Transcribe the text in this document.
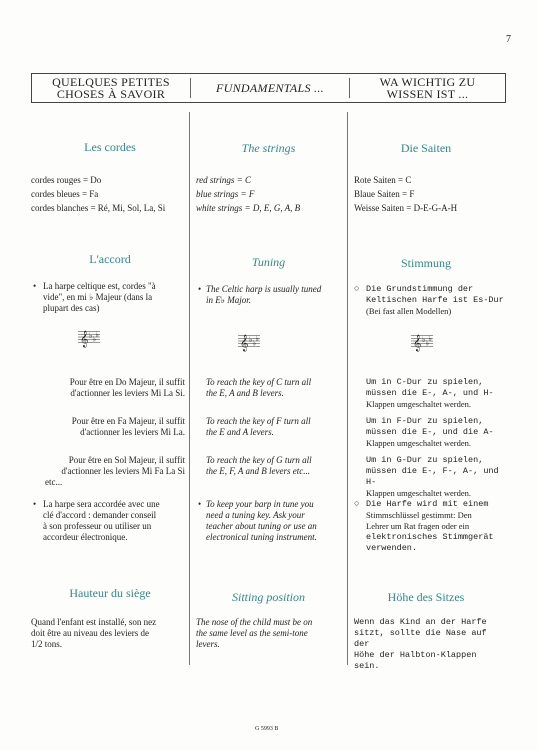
7
QUELQUES PETITES
CHOSES À SAVOIR	FUNDAMENTALS ...	WA WICHTIG ZU
WISSEN IST ...
Les cordes	The strings	Die Saiten
cordes rouges = Do
cordes bleues = Fa
cordes blanches = Ré, Mi, Sol, La, Si
red strings = C
blue strings = F
white strings = D, E, G, A, B
Rote Saiten = C
Blaue Saiten = F
Weisse Saiten = D-E-G-A-H
L'accord	Tuning	Stimmung
• La harpe celtique est, cordes "à
vide", en mi ♭ Majeur (dans la
plupart des cas)
• The Celtic harp is usually tuned
in E♭ Major.
○ Die Grundstimmung der
Keltischen Harfe ist Es-Dur
(Bei fast allen Modellen)
𝄞 ♭ ♭
♭	𝄞 ♭ ♭
♭	𝄞 ♭ ♭
♭
Pour être en Do Majeur, il suffit
d'actionner les leviers Mi La Si.
To reach the key of C turn all
the E, A and B levers.
Um in C-Dur zu spielen,
müssen die E-, A-, und H-
Klappen umgeschaltet werden.
Pour être en Fa Majeur, il suffit
d'actionner les leviers Mi La.
To reach the key of F turn all
the E and A levers.
Um in F-Dur zu spielen,
müssen die E-, und die A-
Klappen umgeschaltet werden.
Pour être en Sol Majeur, il suffit
d'actionner les leviers Mi Fa La Si
etc...
To reach the key of G turn all
the E, F, A and B levers etc...
Um in G-Dur zu spielen,
müssen die E-, F-, A-, und H-
Klappen umgeschaltet werden.
• La harpe sera accordée avec une
clé d'accord : demander conseil
à son professeur ou utiliser un
accordeur électronique.
• To keep your barp in tune you
need a tuning key. Ask your
teacher about tuning or use an
electronical tuning instrument.
○ Die Harfe wird mit einem
Stimmschlüssel gestimmt: Den
Lehrer um Rat fragen oder ein
elektronisches Stimmgerät
verwenden.
Hauteur du siège	Sitting position	Höhe des Sitzes
Quand l'enfant est installé, son nez
doit être au niveau des leviers de
1/2 tons.
The nose of the child must be on
the same level as the semi-tone
levers.
Wenn das Kind an der Harfe
sitzt, sollte die Nase auf der
Höhe der Halbton-Klappen sein.
G 5993 B
